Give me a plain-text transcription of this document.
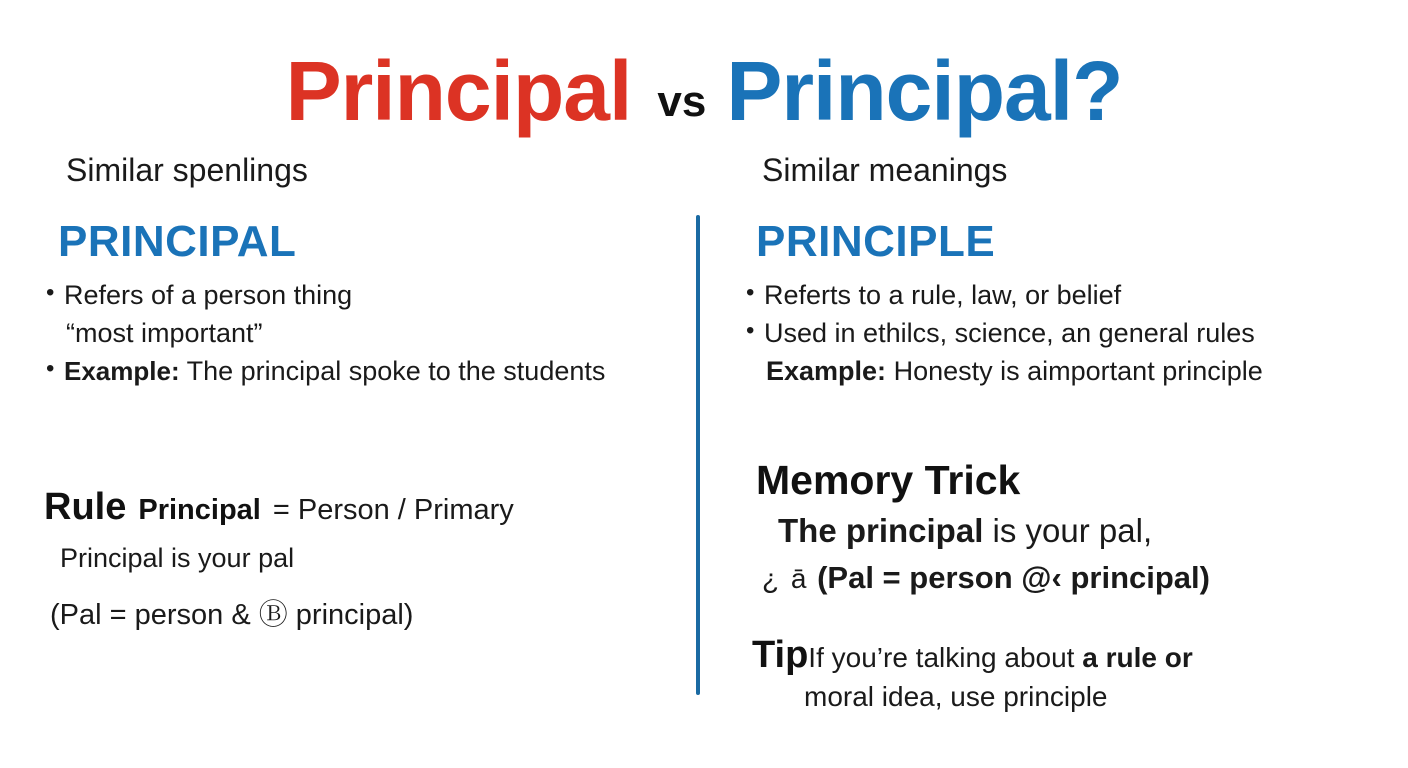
Principal vs Principal?
Similar spenlings	Similar meanings
PRINCIPAL
• Refers of a person thing
“most important”
• Example: The principal spoke to the students
Rule Principal = Person / Primary
Principal is your pal
(Pal = person & Ⓑ principal)
PRINCIPLE
• Referts to a rule, law, or belief
• Used in ethilcs, science, an general rules
Example: Honesty is aimportant principle
Memory Trick
The principal is your pal,
¿ ā (Pal = person @‹ principal)
Tip If you’re talking about a rule or
moral idea, use principle
